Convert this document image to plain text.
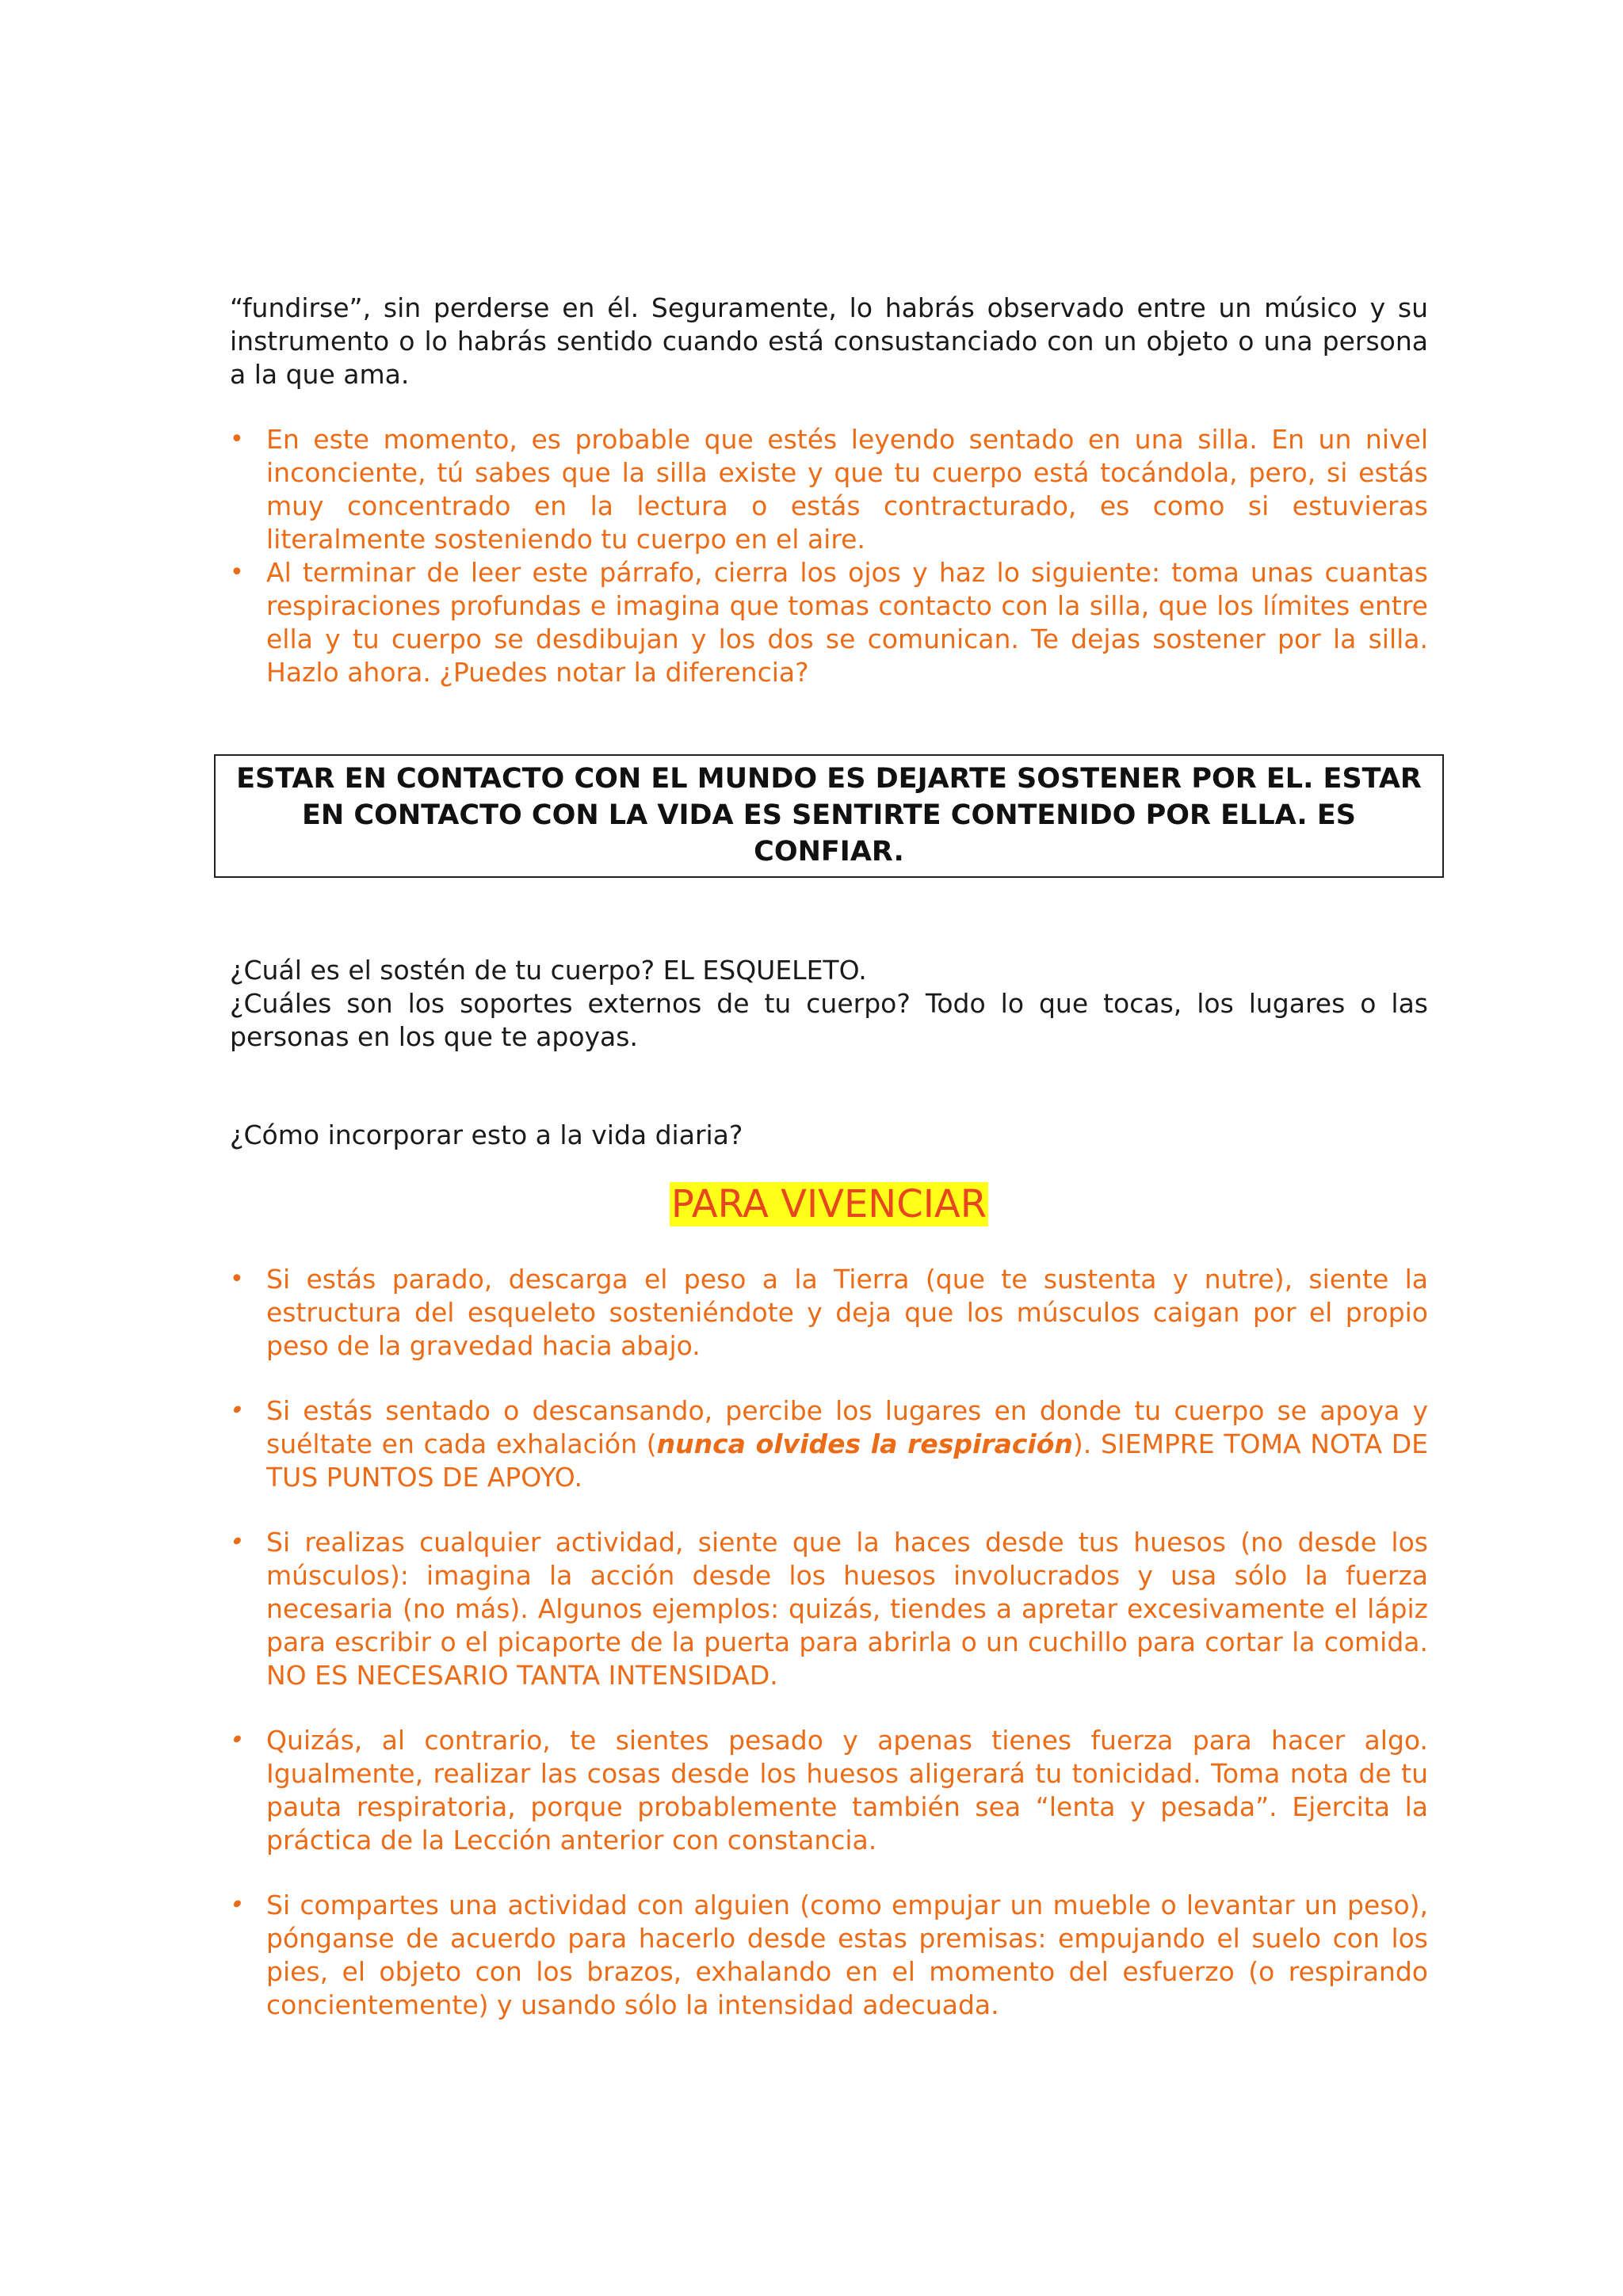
“fundirse”, sin perderse en él. Seguramente, lo habrás observado entre un músico y su instrumento o lo habrás sentido cuando está consustanciado con un objeto o una persona a la que ama.

•
En este momento, es probable que estés leyendo sentado en una silla. En un nivel inconciente, tú sabes que la silla existe y que tu cuerpo está tocándola, pero, si estás muy concentrado en la lectura o estás contracturado, es como si estuvieras literalmente sosteniendo tu cuerpo en el aire.
•
Al terminar de leer este párrafo, cierra los ojos y haz lo siguiente: toma unas cuantas respiraciones profundas e imagina que tomas contacto con la silla, que los límites entre ella y tu cuerpo se desdibujan y los dos se comunican. Te dejas sostener por la silla. Hazlo ahora. ¿Puedes notar la diferencia?
ESTAR EN CONTACTO CON EL MUNDO ES DEJARTE SOSTENER POR EL. ESTAR EN CONTACTO CON LA VIDA ES SENTIRTE CONTENIDO POR ELLA. ES CONFIAR.

¿Cuál es el sostén de tu cuerpo? EL ESQUELETO.

¿Cuáles son los soportes externos de tu cuerpo? Todo lo que tocas, los lugares o las personas en los que te apoyas.

¿Cómo incorporar esto a la vida diaria?

PARA VIVENCIAR
•
Si estás parado, descarga el peso a la Tierra (que te sustenta y nutre), siente la estructura del esqueleto sosteniéndote y deja que los músculos caigan por el propio peso de la gravedad hacia abajo.
•
Si estás sentado o descansando, percibe los lugares en donde tu cuerpo se apoya y suéltate en cada exhalación (nunca olvides la respiración). SIEMPRE TOMA NOTA DE TUS PUNTOS DE APOYO.
•
Si realizas cualquier actividad, siente que la haces desde tus huesos (no desde los músculos): imagina la acción desde los huesos involucrados y usa sólo la fuerza necesaria (no más). Algunos ejemplos: quizás, tiendes a apretar excesivamente el lápiz para escribir o el picaporte de la puerta para abrirla o un cuchillo para cortar la comida. NO ES NECESARIO TANTA INTENSIDAD.
•
Quizás, al contrario, te sientes pesado y apenas tienes fuerza para hacer algo. Igualmente, realizar las cosas desde los huesos aligerará tu tonicidad. Toma nota de tu pauta respiratoria, porque probablemente también sea “lenta y pesada”. Ejercita la práctica de la Lección anterior con constancia.
•
Si compartes una actividad con alguien (como empujar un mueble o levantar un peso), pónganse de acuerdo para hacerlo desde estas premisas: empujando el suelo con los pies, el objeto con los brazos, exhalando en el momento del esfuerzo (o respirando concientemente) y usando sólo la intensidad adecuada.
